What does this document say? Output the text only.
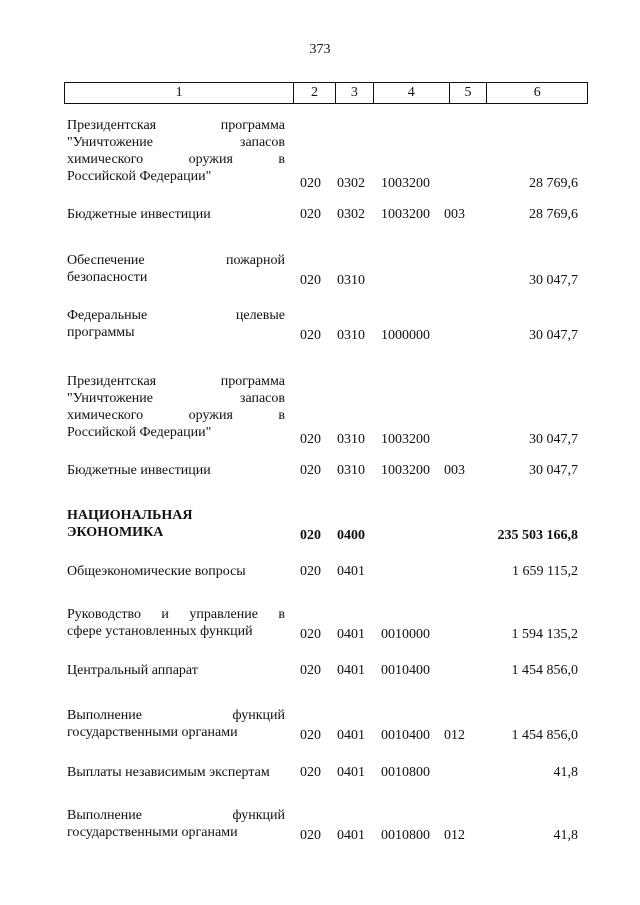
373
1	2	3	4	5	6
Президентская программа
"Уничтожение запасов
химического оружия в
Российской Федерации"	020 0302 1003200	28 769,6
Бюджетные инвестиции	020 0302 1003200 003	28 769,6
Обеспечение пожарной
безопасности	020 0310	30 047,7
Федеральные целевые
программы	020 0310 1000000	30 047,7
Президентская программа
"Уничтожение запасов
химического оружия в
Российской Федерации"	020 0310 1003200	30 047,7
Бюджетные инвестиции	020 0310 1003200 003	30 047,7
НАЦИОНАЛЬНАЯ
ЭКОНОМИКА	020 0400	235 503 166,8
Общеэкономические вопросы	020 0401	1 659 115,2
Руководство и управление в
сфере установленных функций	020 0401 0010000	1 594 135,2
Центральный аппарат	020 0401 0010400	1 454 856,0
Выполнение функций
государственными органами	020 0401 0010400 012	1 454 856,0
Выплаты независимым экспертам	020 0401 0010800	41,8
Выполнение функций
государственными органами	020 0401 0010800 012	41,8
